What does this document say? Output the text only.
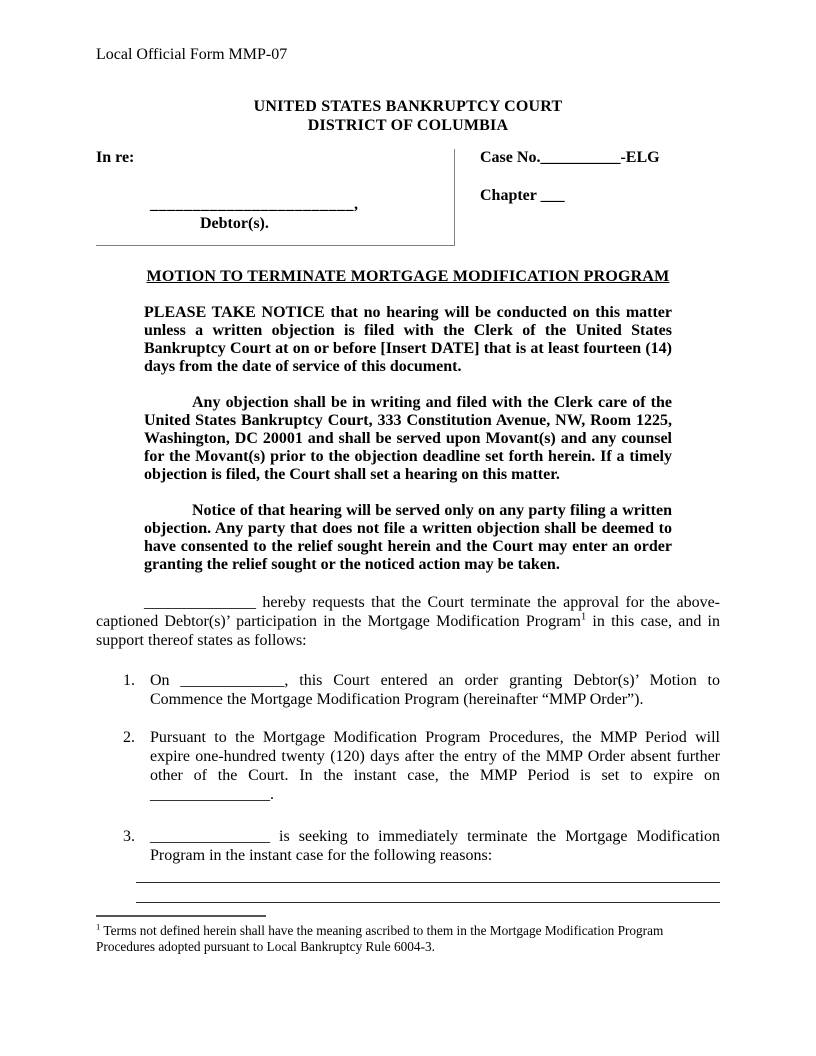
Local Official Form MMP-07
UNITED STATES BANKRUPTCY COURT
DISTRICT OF COLUMBIA
In re:
________________________,
Debtor(s).
Case No.__________-ELG
Chapter ___
MOTION TO TERMINATE MORTGAGE MODIFICATION PROGRAM

PLEASE TAKE NOTICE that no hearing will be conducted on this matter unless a written objection is filed with the Clerk of the United States Bankruptcy Court at on or before [Insert DATE] that is at least fourteen (14) days from the date of service of this document.

Any objection shall be in writing and filed with the Clerk care of the United States Bankruptcy Court, 333 Constitution Avenue, NW, Room 1225, Washington, DC 20001 and shall be served upon Movant(s) and any counsel for the Movant(s) prior to the objection deadline set forth herein. If a timely objection is filed, the Court shall set a hearing on this matter.

Notice of that hearing will be served only on any party filing a written objection. Any party that does not file a written objection shall be deemed to have consented to the relief sought herein and the Court may enter an order granting the relief sought or the noticed action may be taken.

______________ hereby requests that the Court terminate the approval for the above-captioned Debtor(s)’ participation in the Mortgage Modification Program$^1$ in this case, and in support thereof states as follows:

1. On _____________, this Court entered an order granting Debtor(s)’ Motion to Commence the Mortgage Modification Program (hereinafter “MMP Order”).
2. Pursuant to the Mortgage Modification Program Procedures, the MMP Period will expire one-hundred twenty (120) days after the entry of the MMP Order absent further other of the Court. In the instant case, the MMP Period is set to expire on _______________.
3. _______________ is seeking to immediately terminate the Mortgage Modification Program in the instant case for the following reasons:

$^1$ Terms not defined herein shall have the meaning ascribed to them in the Mortgage Modification Program Procedures adopted pursuant to Local Bankruptcy Rule 6004-3.
